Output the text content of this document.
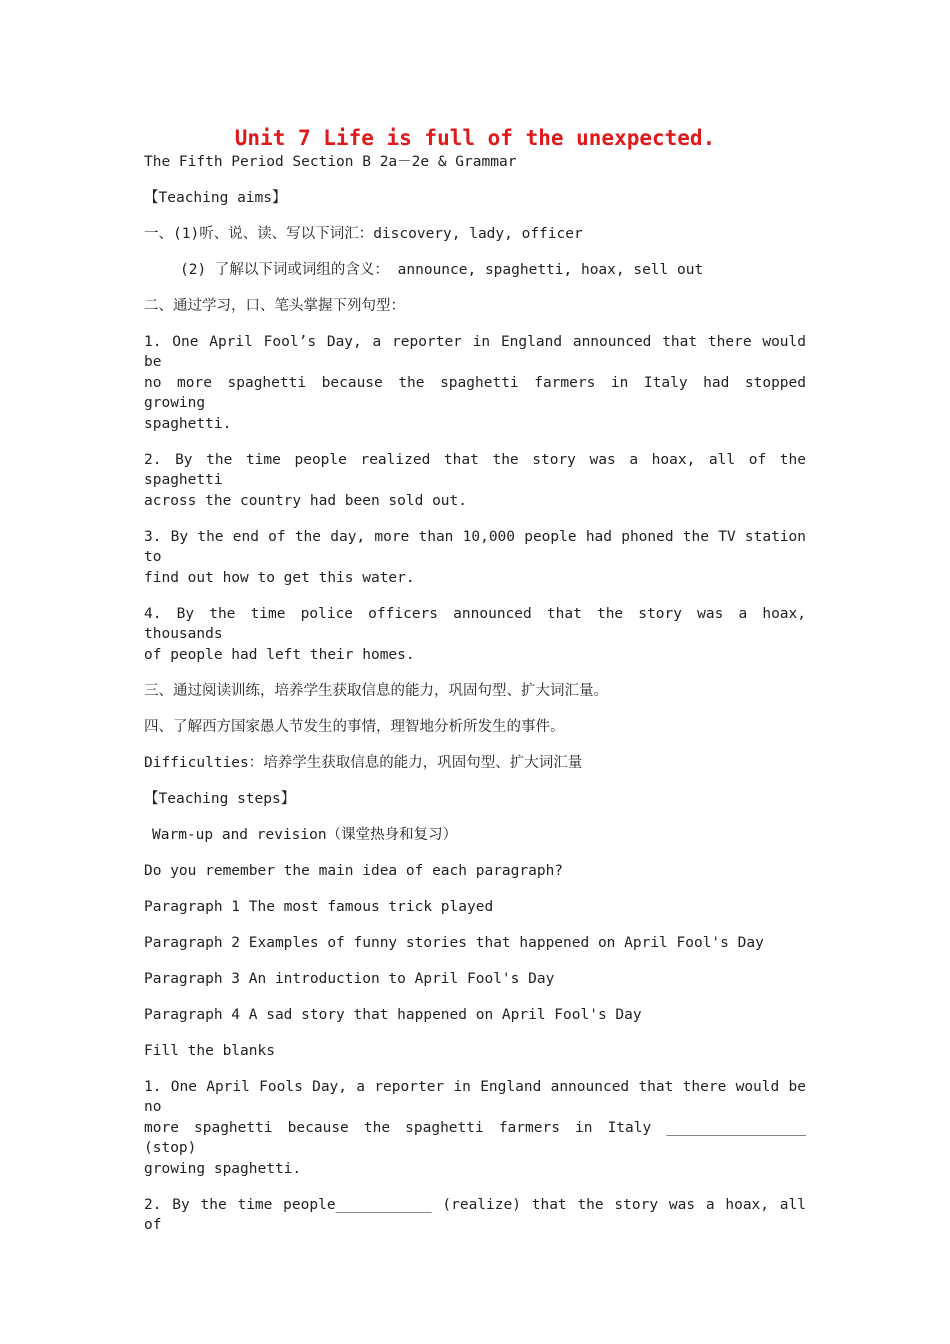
Unit 7 Life is full of the unexpected.
The Fifth Period Section B 2a－2e & Grammar
【Teaching aims】
一、(1)听、说、读、写以下词汇：discovery, lady, officer
(2) 了解以下词或词组的含义： announce, spaghetti, hoax, sell out
二、通过学习，口、笔头掌握下列句型：
1. One April Fool’s Day, a reporter in England announced that there would be
no more spaghetti because the spaghetti farmers in Italy had stopped growing
spaghetti.
2. By the time people realized that the story was a hoax, all of the spaghetti
across the country had been sold out.
3. By the end of the day, more than 10,000 people had phoned the TV station to
find out how to get this water.
4. By the time police officers announced that the story was a hoax, thousands
of people had left their homes.
三、通过阅读训练，培养学生获取信息的能力，巩固句型、扩大词汇量。
四、了解西方国家愚人节发生的事情，理智地分析所发生的事件。
Difficulties：培养学生获取信息的能力，巩固句型、扩大词汇量
【Teaching steps】
Warm-up and revision（课堂热身和复习）
Do you remember the main idea of each paragraph?
Paragraph 1 The most famous trick played
Paragraph 2 Examples of funny stories that happened on April Fool's Day
Paragraph 3 An introduction to April Fool's Day
Paragraph 4 A sad story that happened on April Fool's Day
Fill the blanks
1. One April Fools Day, a reporter in England announced that there would be no
more spaghetti because the spaghetti farmers in Italy ________________ (stop)
growing spaghetti.
2. By the time people___________ (realize) that the story was a hoax, all of
